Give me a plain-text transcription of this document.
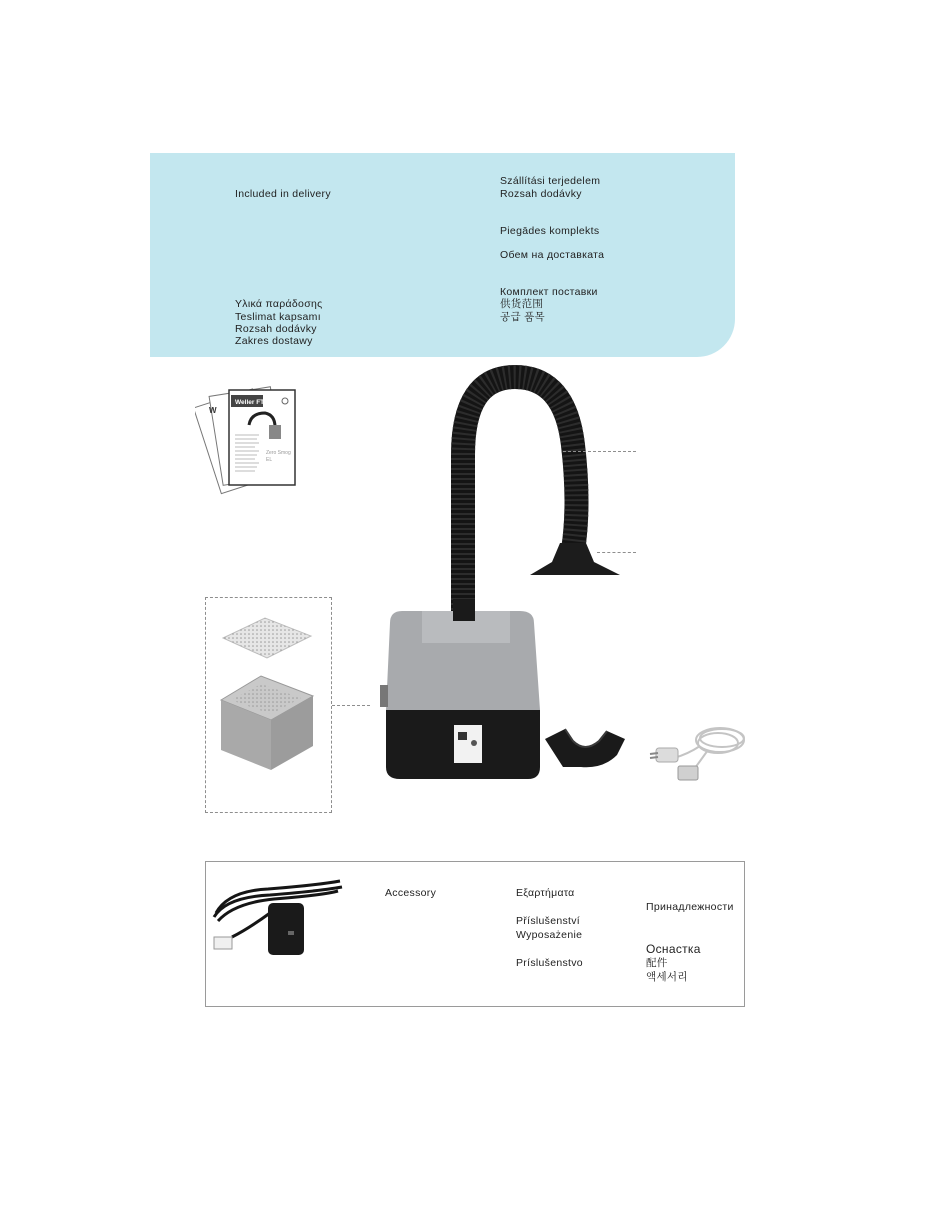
Included in delivery
Υλικά παράδοσης
Teslimat kapsamı
Rozsah dodávky
Zakres dostawy
Szállítási terjedelem
Rozsah dodávky
Piegādes komplekts
Обем на доставката
Комплект поставки
供货范围
공급 품목
Weller FT
W
Zero Smog EL
Accessory	Εξαρτήματα
Příslušenství
Wyposażenie
Príslušenstvo
Принадлежности
Оснастка
配件
액세서리
